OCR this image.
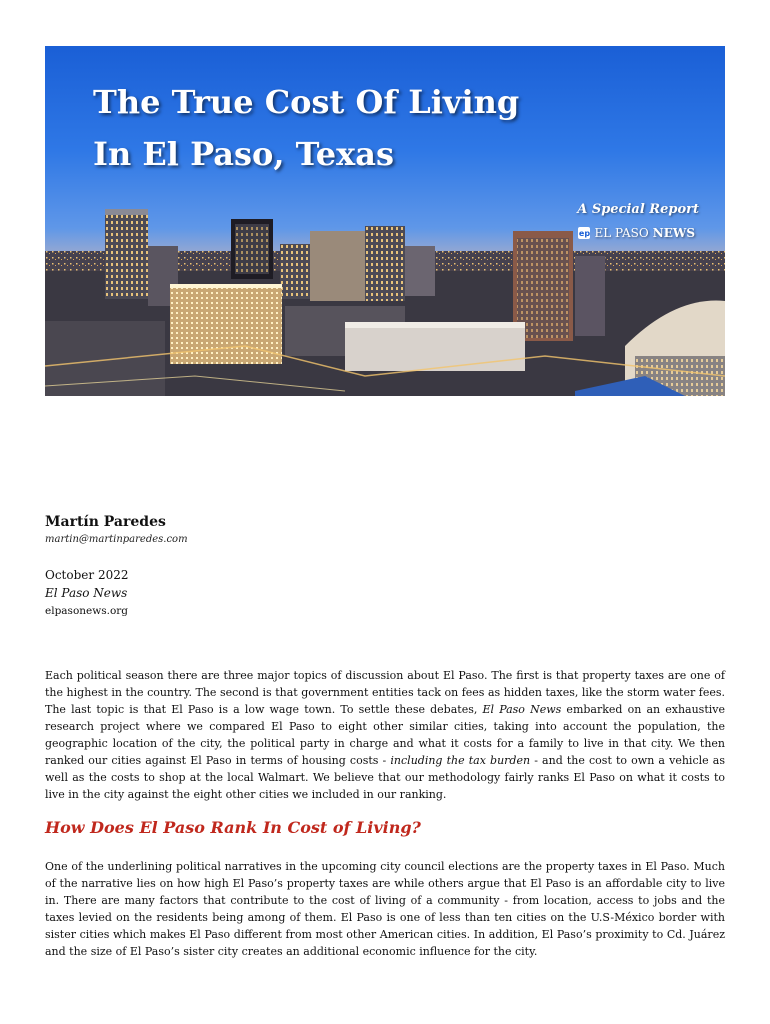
The True Cost Of Living
In El Paso, Texas
A Special Report
ep EL PASO NEWS

Martín Paredes

martin@martinparedes.com

October 2022
El Paso News
elpasonews.org

Each political season there are three major topics of discussion about El Paso. The first is that property taxes are one of the highest in the country. The second is that government entities tack on fees as hidden taxes, like the storm water fees. The last topic is that El Paso is a low wage town. To settle these debates, El Paso News embarked on an exhaustive research project where we compared El Paso to eight other similar cities, taking into account the population, the geographic location of the city, the political party in charge and what it costs for a family to live in that city. We then ranked our cities against El Paso in terms of housing costs - including the tax burden - and the cost to own a vehicle as well as the costs to shop at the local Walmart. We believe that our methodology fairly ranks El Paso on what it costs to live in the city against the eight other cities we included in our ranking.

How Does El Paso Rank In Cost of Living?

One of the underlining political narratives in the upcoming city council elections are the property taxes in El Paso. Much of the narrative lies on how high El Paso’s property taxes are while others argue that El Paso is an affordable city to live in. There are many factors that contribute to the cost of living of a community - from location, access to jobs and the taxes levied on the residents being among of them. El Paso is one of less than ten cities on the U.S-México border with sister cities which makes El Paso different from most other American cities. In addition, El Paso’s proximity to Cd. Juárez and the size of El Paso’s sister city creates an additional economic influence for the city.
